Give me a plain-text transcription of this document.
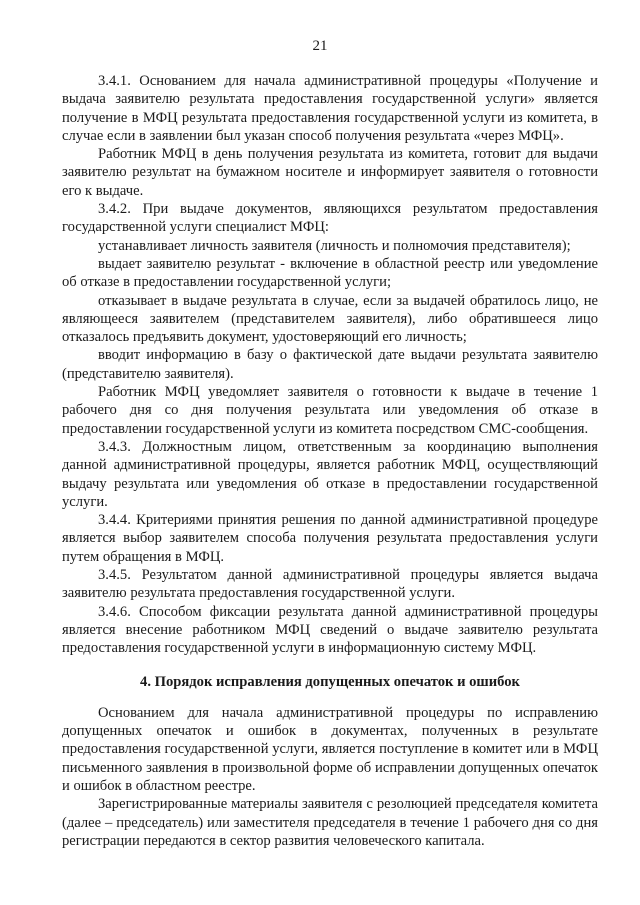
21

3.4.1. Основанием для начала административной процедуры «Получение и выдача заявителю результата предоставления государственной услуги» является получение в МФЦ результата предоставления государственной услуги из комитета, в случае если в заявлении был указан способ получения результата «через МФЦ».

Работник МФЦ в день получения результата из комитета, готовит для выдачи заявителю результат на бумажном носителе и информирует заявителя о готовности его к выдаче.

3.4.2. При выдаче документов, являющихся результатом предоставления государственной услуги специалист МФЦ:

устанавливает личность заявителя (личность и полномочия представителя);

выдает заявителю результат - включение в областной реестр или уведомление об отказе в предоставлении государственной услуги;

отказывает в выдаче результата в случае, если за выдачей обратилось лицо, не являющееся заявителем (представителем заявителя), либо обратившееся лицо отказалось предъявить документ, удостоверяющий его личность;

вводит информацию в базу о фактической дате выдачи результата заявителю (представителю заявителя).

Работник МФЦ уведомляет заявителя о готовности к выдаче в течение 1 рабочего дня со дня получения результата или уведомления об отказе в предоставлении государственной услуги из комитета посредством СМС-сообщения.

3.4.3. Должностным лицом, ответственным за координацию выполнения данной административной процедуры, является работник МФЦ, осуществляющий выдачу результата или уведомления об отказе в предоставлении государственной услуги.

3.4.4. Критериями принятия решения по данной административной процедуре является выбор заявителем способа получения результата предоставления услуги путем обращения в МФЦ.

3.4.5. Результатом данной административной процедуры является выдача заявителю результата предоставления государственной услуги.

3.4.6. Способом фиксации результата данной административной процедуры является внесение работником МФЦ сведений о выдаче заявителю результата предоставления государственной услуги в информационную систему МФЦ.

4. Порядок исправления допущенных опечаток и ошибок

Основанием для начала административной процедуры по исправлению допущенных опечаток и ошибок в документах, полученных в результате предоставления государственной услуги, является поступление в комитет или в МФЦ письменного заявления в произвольной форме об исправлении допущенных опечаток и ошибок в областном реестре.

Зарегистрированные материалы заявителя с резолюцией председателя комитета (далее – председатель) или заместителя председателя в течение 1 рабочего дня со дня регистрации передаются в сектор развития человеческого капитала.
